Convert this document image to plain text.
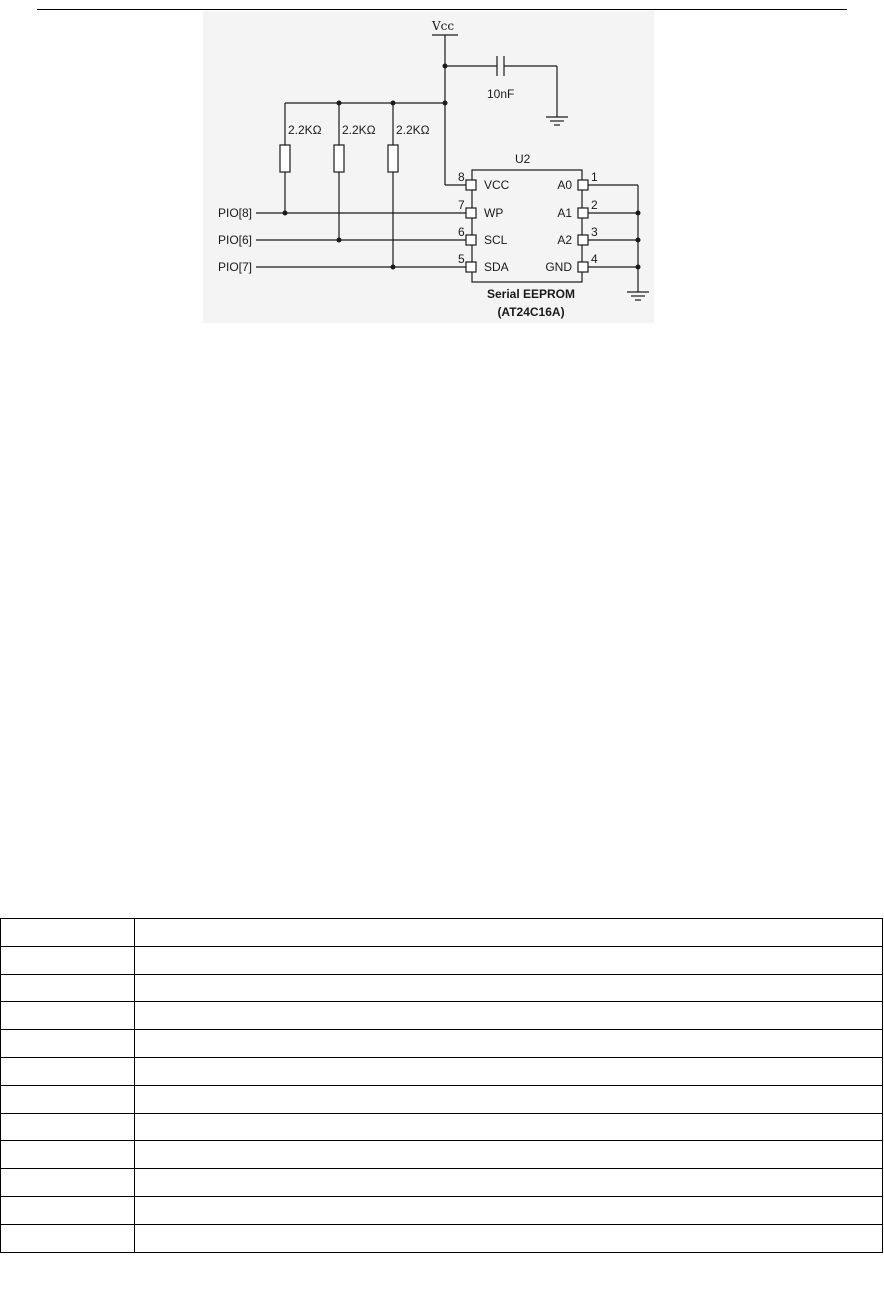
Vcc
10nF
2.2KΩ 2.2KΩ 2.2KΩ
U2
8
VCC
7
WP
6
SCL
5
SDA
1
A0
2
A1
3
A2
4
GND
PIO[8]
PIO[6]
PIO[7]
Serial EEPROM
(AT24C16A)
